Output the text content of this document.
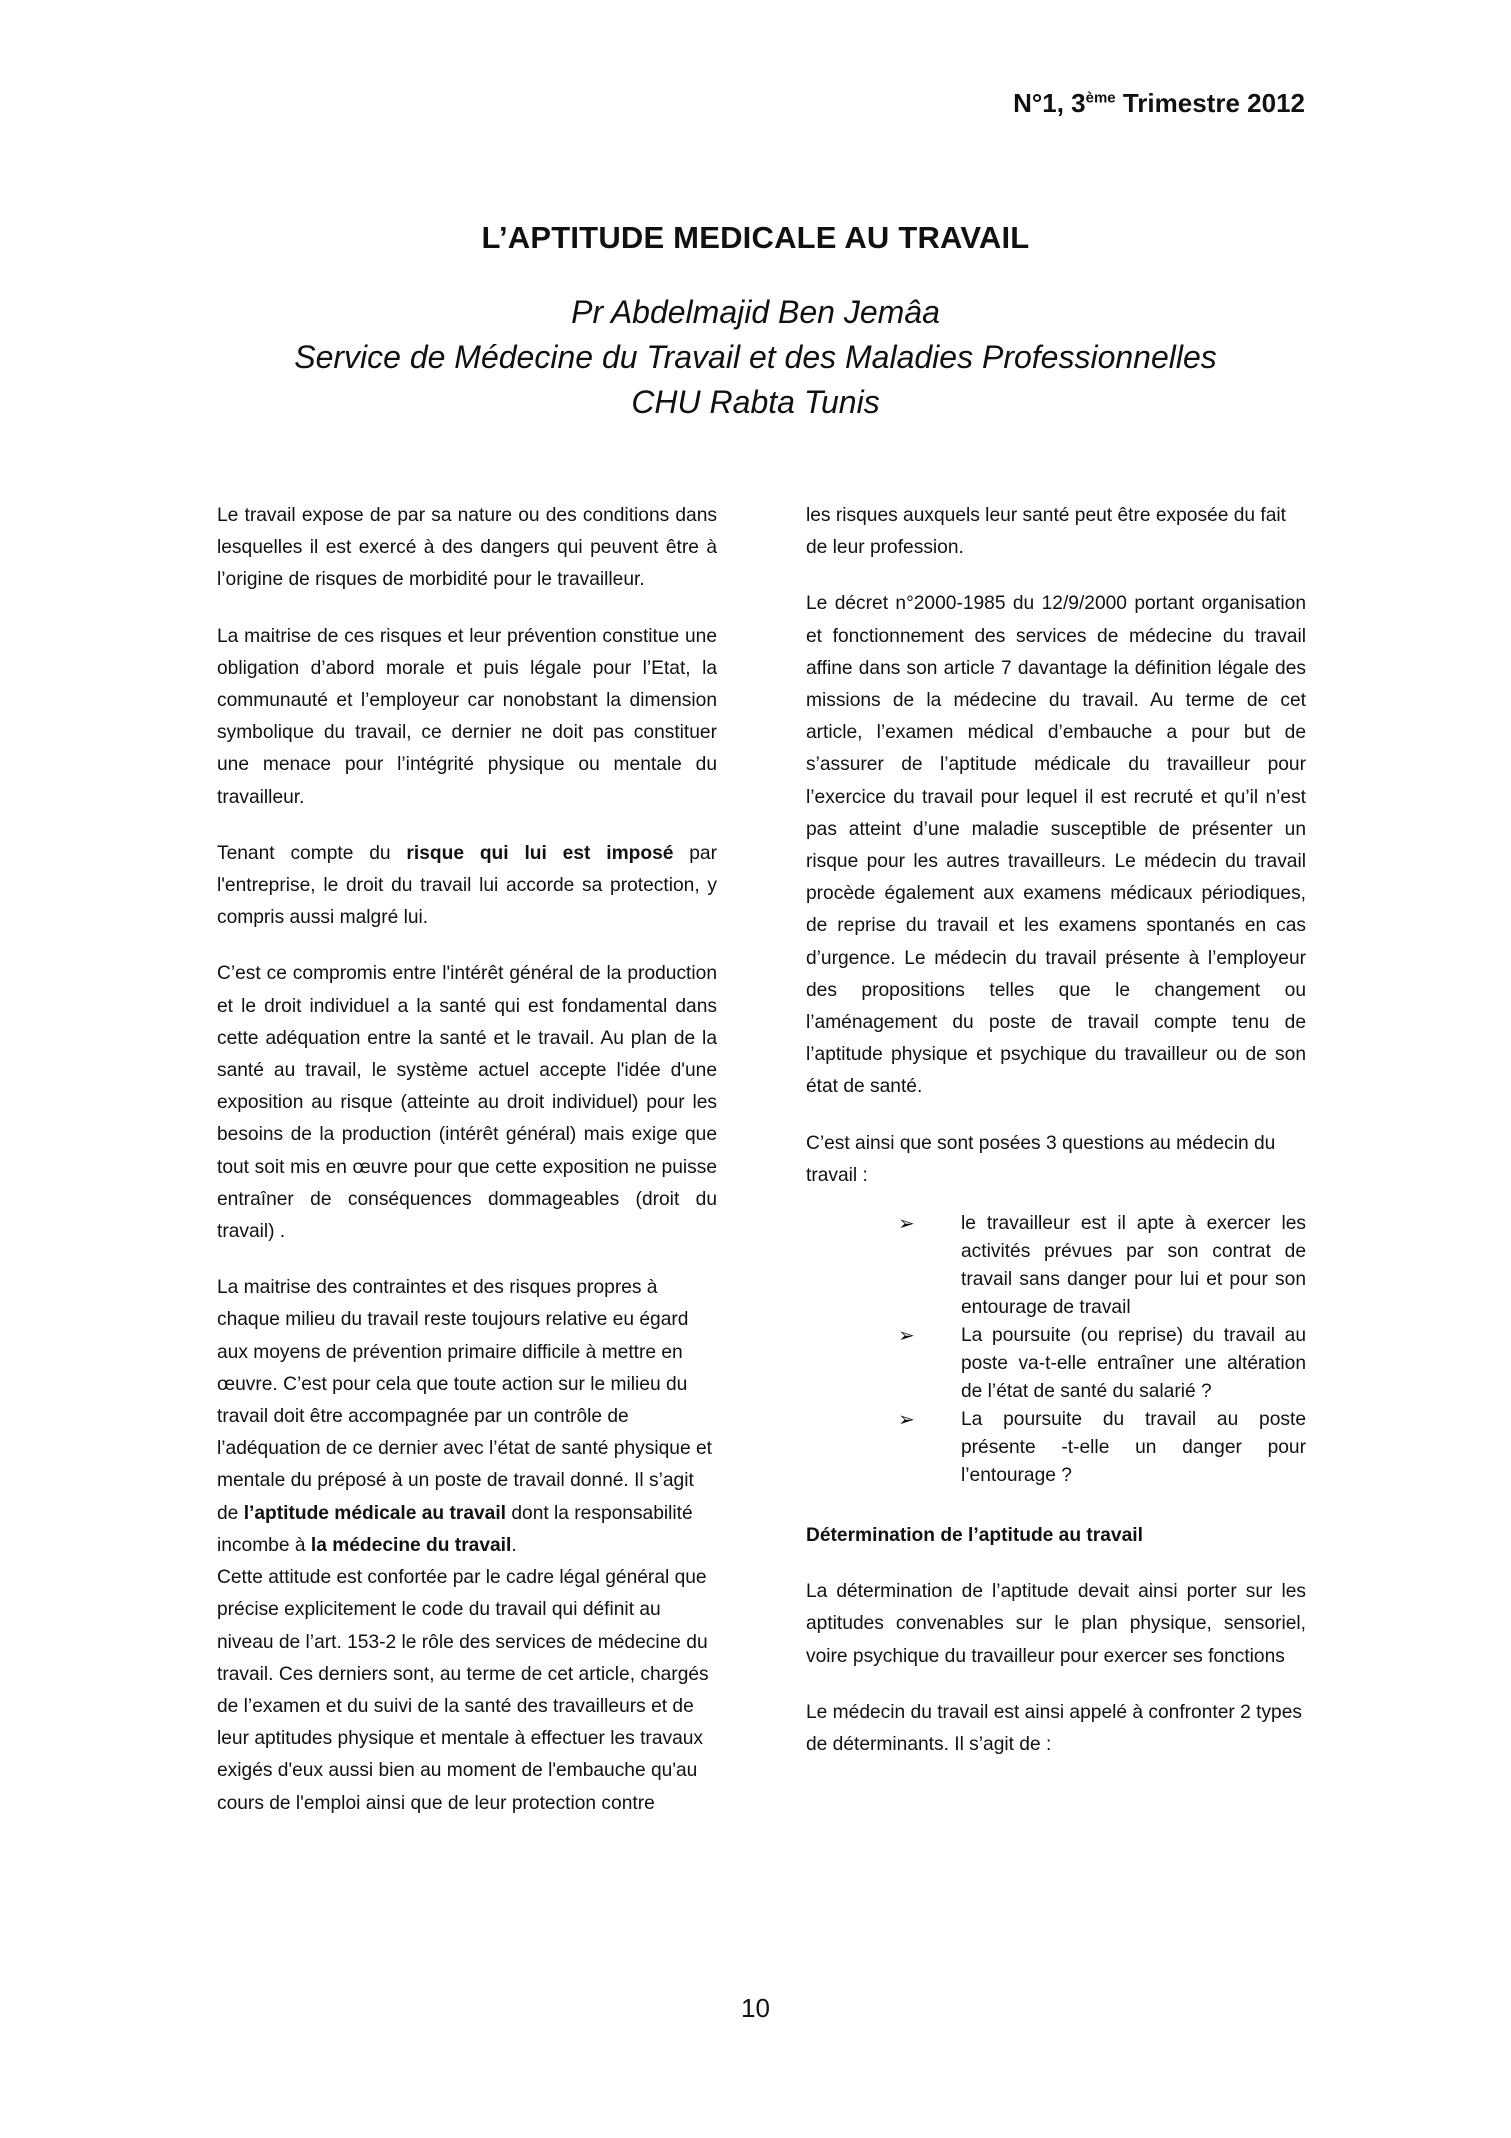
N°1, 3ème Trimestre 2012
L’APTITUDE MEDICALE AU TRAVAIL
Pr Abdelmajid Ben Jemâa
Service de Médecine du Travail et des Maladies Professionnelles
CHU Rabta Tunis

Le travail expose de par sa nature ou des conditions dans lesquelles il est exercé à des dangers qui peuvent être à l’origine de risques de morbidité pour le travailleur.

La maitrise de ces risques et leur prévention constitue une obligation d’abord morale et puis légale pour l’Etat, la communauté et l’employeur car nonobstant la dimension symbolique du travail, ce dernier ne doit pas constituer une menace pour l’intégrité physique ou mentale du travailleur.

Tenant compte du risque qui lui est imposé par l'entreprise, le droit du travail lui accorde sa protection, y compris aussi malgré lui.

C’est ce compromis entre l'intérêt général de la production et le droit individuel a la santé qui est fondamental dans cette adéquation entre la santé et le travail. Au plan de la santé au travail, le système actuel accepte l'idée d'une exposition au risque (atteinte au droit individuel) pour les besoins de la production (intérêt général) mais exige que tout soit mis en œuvre pour que cette exposition ne puisse entraîner de conséquences dommageables (droit du travail) .

La maitrise des contraintes et des risques propres à chaque milieu du travail reste toujours relative eu égard aux moyens de prévention primaire difficile à mettre en œuvre. C’est pour cela que toute action sur le milieu du travail doit être accompagnée par un contrôle de l’adéquation de ce dernier avec l’état de santé physique et mentale du préposé à un poste de travail donné. Il s’agit de l’aptitude médicale au travail dont la responsabilité incombe à la médecine du travail.

Cette attitude est confortée par le cadre légal général que précise explicitement le code du travail qui définit au niveau de l’art. 153-2 le rôle des services de médecine du travail. Ces derniers sont, au terme de cet article, chargés de l’examen et du suivi de la santé des travailleurs et de leur aptitudes physique et mentale à effectuer les travaux exigés d'eux aussi bien au moment de l'embauche qu'au cours de l'emploi ainsi que de leur protection contre

les risques auxquels leur santé peut être exposée du fait de leur profession.

Le décret n°2000-1985 du 12/9/2000 portant organisation et fonctionnement des services de médecine du travail affine dans son article 7 davantage la définition légale des missions de la médecine du travail. Au terme de cet article, l’examen médical d’embauche a pour but de s’assurer de l’aptitude médicale du travailleur pour l’exercice du travail pour lequel il est recruté et qu’il n’est pas atteint d’une maladie susceptible de présenter un risque pour les autres travailleurs. Le médecin du travail procède également aux examens médicaux périodiques, de reprise du travail et les examens spontanés en cas d’urgence. Le médecin du travail présente à l’employeur des propositions telles que le changement ou l’aménagement du poste de travail compte tenu de l’aptitude physique et psychique du travailleur ou de son état de santé.

C’est ainsi que sont posées 3 questions au médecin du travail :

➢ le travailleur est il apte à exercer les activités prévues par son contrat de travail sans danger pour lui et pour son entourage de travail
➢ La poursuite (ou reprise) du travail au poste va-t-elle entraîner une altération de l’état de santé du salarié ?
➢ La poursuite du travail au poste présente -t-elle un danger pour l’entourage ?

Détermination de l’aptitude au travail

La détermination de l’aptitude devait ainsi porter sur les aptitudes convenables sur le plan physique, sensoriel, voire psychique du travailleur pour exercer ses fonctions

Le médecin du travail est ainsi appelé à confronter 2 types de déterminants. Il s’agit de :

10
